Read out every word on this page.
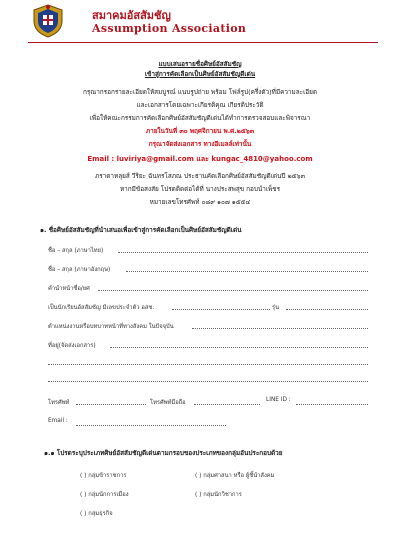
สมาคมอัสสัมชัญ
Assumption Association
แบบเสนอรายชื่อศิษย์อัสสัมชัญ
เข้าสู่การคัดเลือกเป็นศิษย์อัสสัมชัญดีเด่น
กรุณากรอกรายละเอียดให้สมบูรณ์ แนบรูปถ่าย พร้อม โฟล์รูป(ครึ่งตัว)ที่มีความละเอียด
และเอกสารโดยเฉพาะเกียรติคุณ เกียรติประวัติ
เพื่อให้คณะกรรมการคัดเลือกศิษย์อัสสัมชัญดีเด่นได้ทำการตรวจสอบและพิจารณา
ภายในวันที่ ๓๐ พฤศจิกายน พ.ศ.๒๕๖๓
กรุณาจัดส่งเอกสาร ทางอีเมลล์เท่านั้น
Email : luviriya@gmail.com และ kungac_4810@yahoo.com
ภราดาหลุยส์ วีริยะ ฉันทรโสภณ ประธานคัดเลือกศิษย์อัสสัมชัญดีเด่นปี ๒๕๖๓
หากมีข้อสงสัย โปรดติดต่อได้ที่ นางประสพสุข กอบนำเพ็ชร
หมายเลขโทรศัพท์ ๐๘๙ ๑๐๗ ๑๕๕๔
๑. ชื่อศิษย์อัสสัมชัญที่นำเสนอเพื่อเข้าสู่การคัดเลือกเป็นศิษย์อัสสัมชัญดีเด่น
ชื่อ – สกุล (ภาษาไทย)
ชื่อ – สกุล (ภาษาอังกฤษ)
คำนำหน้าชื่อ/ยศ
เป็นนักเรียนอัสสัมชัญ มีเลขประจำตัว อสช.	รุ่น
ตำแหน่งงานหรือบทบาทหน้าที่ทางสังคม ในปัจจุบัน
ที่อยู่(จัดส่งเอกสาร)
โทรศัพท์	โทรศัพท์มือถือ	LINE ID :
Email :
๑.๑ โปรดระบุประเภทศิษย์อัสสัมชัญดีเด่นตามกรอบของประเภทของกลุ่มอันประกอบด้วย
( ) กลุ่มข้าราชการ	( ) กลุ่มศาสนา หรือ ผู้ชี้นำสังคม
( ) กลุ่มนักการเมือง	( ) กลุ่มนักวิชาการ
( ) กลุ่มธุรกิจ
